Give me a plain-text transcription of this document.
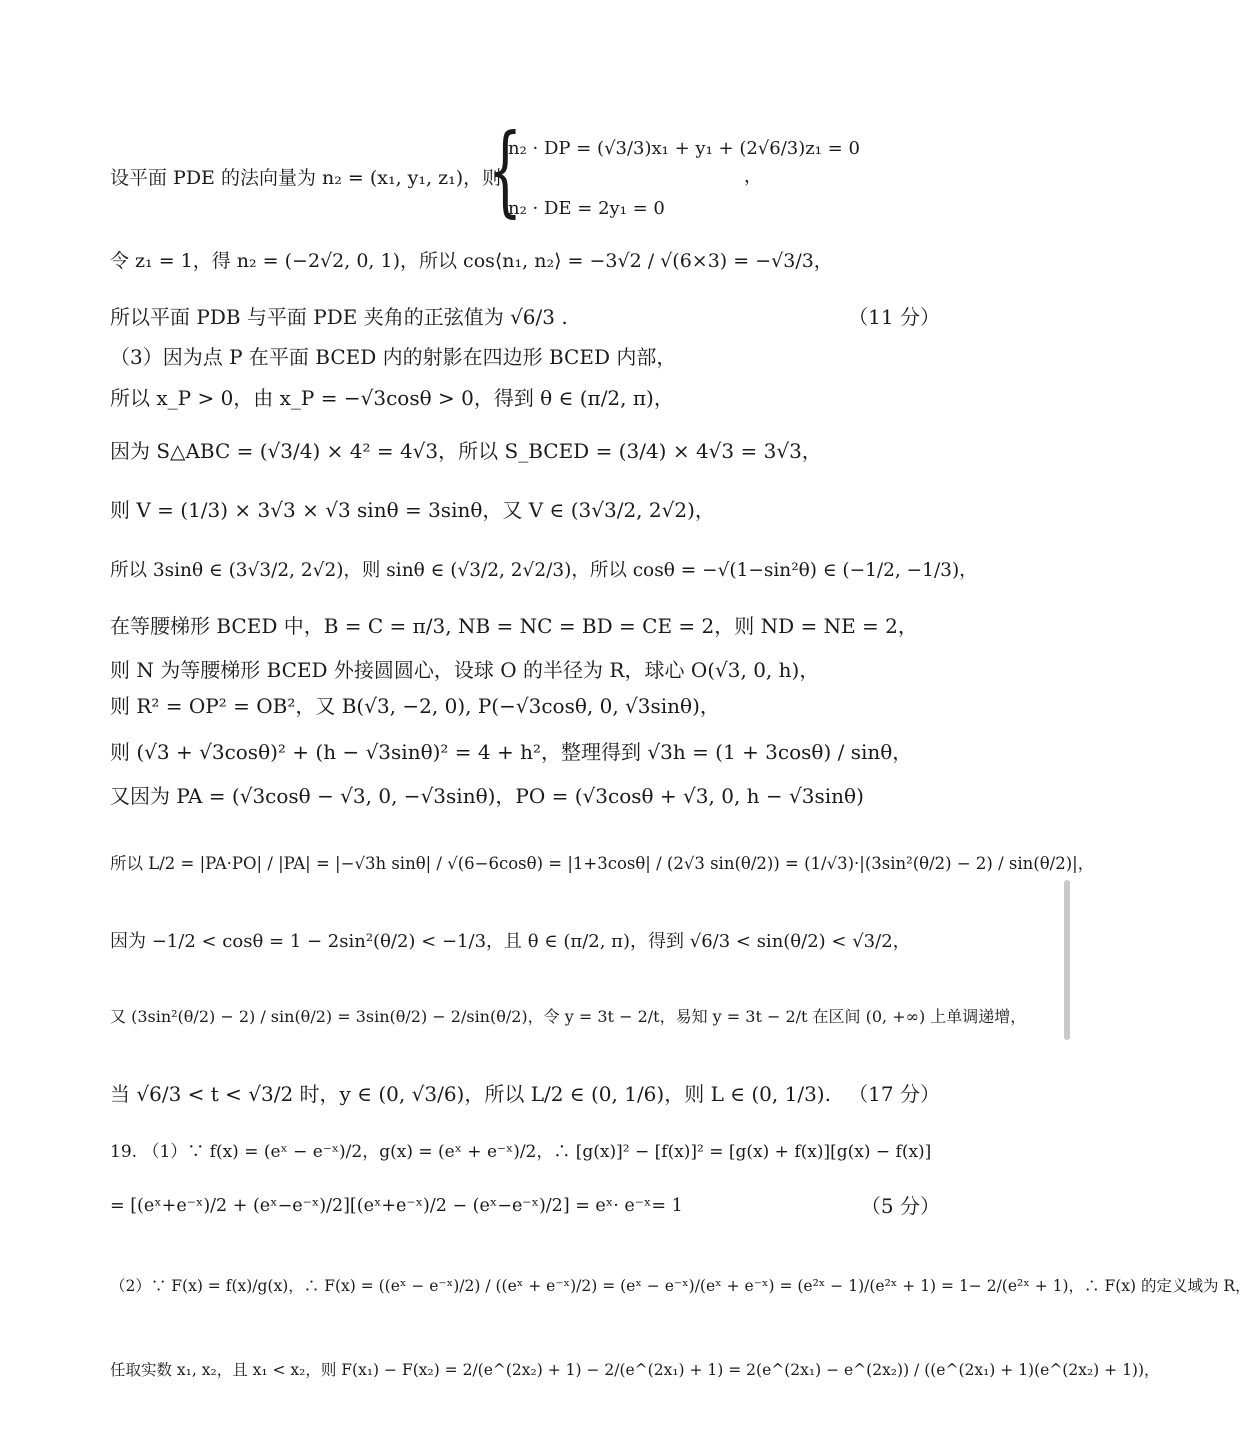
设平面 PDE 的法向量为 n₂ = (x₁, y₁, z₁)，则
{
n₂ · DP = (√3/3)x₁ + y₁ + (2√6/3)z₁ = 0
n₂ · DE = 2y₁ = 0
，
令 z₁ = 1，得 n₂ = (−2√2, 0, 1)，所以 cos⟨n₁, n₂⟩ = −3√2 / √(6×3) = −√3/3，
所以平面 PDB 与平面 PDE 夹角的正弦值为 √6/3 .	（11 分）
（3）因为点 P 在平面 BCED 内的射影在四边形 BCED 内部，
所以 x_P > 0，由 x_P = −√3cosθ > 0，得到 θ ∈ (π/2, π)，
因为 S△ABC = (√3/4) × 4² = 4√3，所以 S_BCED = (3/4) × 4√3 = 3√3，
则 V = (1/3) × 3√3 × √3 sinθ = 3sinθ，又 V ∈ (3√3/2, 2√2)，
所以 3sinθ ∈ (3√3/2, 2√2)，则 sinθ ∈ (√3/2, 2√2/3)，所以 cosθ = −√(1−sin²θ) ∈ (−1/2, −1/3)，
在等腰梯形 BCED 中，B = C = π/3, NB = NC = BD = CE = 2，则 ND = NE = 2，
则 N 为等腰梯形 BCED 外接圆圆心，设球 O 的半径为 R，球心 O(√3, 0, h)，
则 R² = OP² = OB²，又 B(√3, −2, 0), P(−√3cosθ, 0, √3sinθ)，
则 (√3 + √3cosθ)² + (h − √3sinθ)² = 4 + h²，整理得到 √3h = (1 + 3cosθ) / sinθ，
又因为 PA = (√3cosθ − √3, 0, −√3sinθ)，PO = (√3cosθ + √3, 0, h − √3sinθ)
所以 L/2 = |PA·PO| / |PA| = |−√3h sinθ| / √(6−6cosθ) = |1+3cosθ| / (2√3 sin(θ/2)) = (1/√3)·|(3sin²(θ/2) − 2) / sin(θ/2)|，
因为 −1/2 < cosθ = 1 − 2sin²(θ/2) < −1/3，且 θ ∈ (π/2, π)，得到 √6/3 < sin(θ/2) < √3/2，
又 (3sin²(θ/2) − 2) / sin(θ/2) = 3sin(θ/2) − 2/sin(θ/2)，令 y = 3t − 2/t，易知 y = 3t − 2/t 在区间 (0, +∞) 上单调递增，
当 √6/3 < t < √3/2 时，y ∈ (0, √3/6)，所以 L/2 ∈ (0, 1/6)，则 L ∈ (0, 1/3). （17 分）
19. （1）∵ f(x) = (eˣ − e⁻ˣ)/2，g(x) = (eˣ + e⁻ˣ)/2，∴ [g(x)]² − [f(x)]² = [g(x) + f(x)][g(x) − f(x)]
= [(eˣ+e⁻ˣ)/2 + (eˣ−e⁻ˣ)/2][(eˣ+e⁻ˣ)/2 − (eˣ−e⁻ˣ)/2] = eˣ· e⁻ˣ= 1	（5 分）
（2）∵ F(x) = f(x)/g(x)，∴ F(x) = ((eˣ − e⁻ˣ)/2) / ((eˣ + e⁻ˣ)/2) = (eˣ − e⁻ˣ)/(eˣ + e⁻ˣ) = (e²ˣ − 1)/(e²ˣ + 1) = 1− 2/(e²ˣ + 1)，∴ F(x) 的定义域为 R，
任取实数 x₁, x₂，且 x₁ < x₂，则 F(x₁) − F(x₂) = 2/(e^(2x₂) + 1) − 2/(e^(2x₁) + 1) = 2(e^(2x₁) − e^(2x₂)) / ((e^(2x₁) + 1)(e^(2x₂) + 1))，
